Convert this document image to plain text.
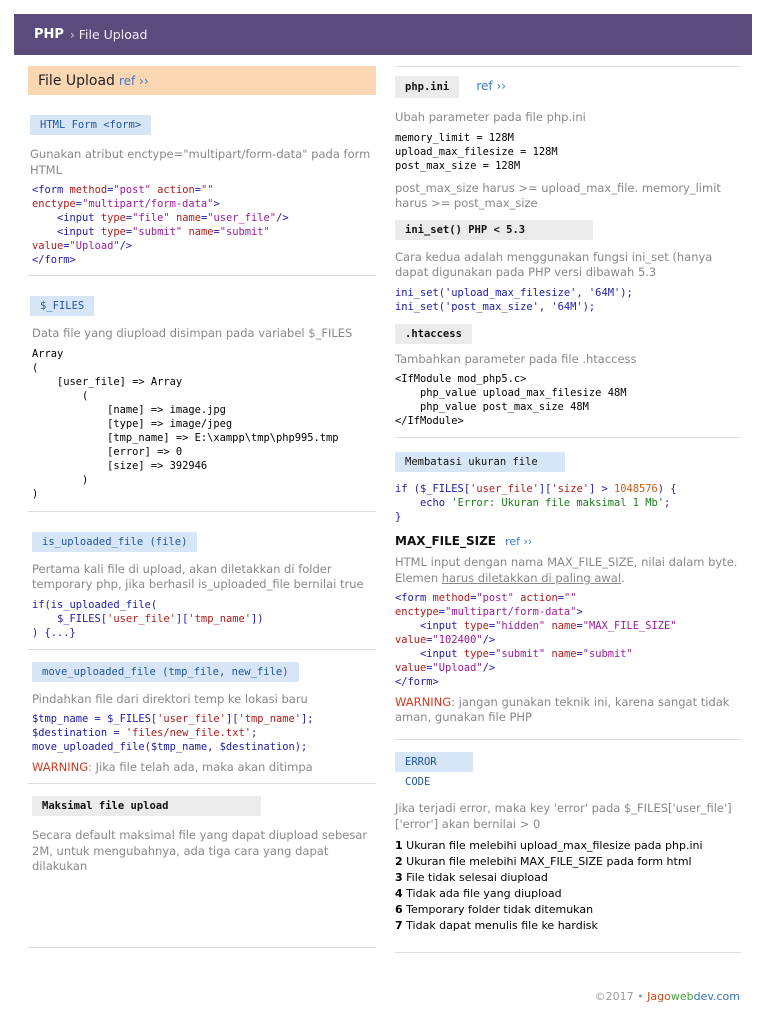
PHP › File Upload
File Upload ref ››
HTML Form <form>
Gunakan atribut enctype="multipart/form-data" pada form HTML
<form method="post" action=""
enctype="multipart/form-data">
<input type="file" name="user_file"/>
<input type="submit" name="submit"
value="Upload"/>
</form>
$_FILES
Data file yang diupload disimpan pada variabel $_FILES
Array
(
[user_file] => Array
(
[name] => image.jpg
[type] => image/jpeg
[tmp_name] => E:\xampp\tmp\php995.tmp
[error] => 0
[size] => 392946
)
)
is_uploaded_file (file)
Pertama kali file di upload, akan diletakkan di folder temporary php, jika berhasil is_uploaded_file bernilai true
if(is_uploaded_file(
$_FILES['user_file']['tmp_name'])
) {...}
move_uploaded_file (tmp_file, new_file)
Pindahkan file dari direktori temp ke lokasi baru
$tmp_name = $_FILES['user_file']['tmp_name'];
$destination = 'files/new_file.txt';
move_uploaded_file($tmp_name, $destination);
WARNING: Jika file telah ada, maka akan ditimpa
Maksimal file upload
Secara default maksimal file yang dapat diupload sebesar 2M, untuk mengubahnya, ada tiga cara yang dapat dilakukan
php.ini ref ››
Ubah parameter pada file php.ini
memory_limit = 128M
upload_max_filesize = 128M
post_max_size = 128M
post_max_size harus >= upload_max_file. memory_limit harus >= post_max_size
ini_set() PHP < 5.3
Cara kedua adalah menggunakan fungsi ini_set (hanya dapat digunakan pada PHP versi dibawah 5.3
ini_set('upload_max_filesize', '64M');
ini_set('post_max_size', '64M');
.htaccess
Tambahkan parameter pada file .htaccess
<IfModule mod_php5.c>
php_value upload_max_filesize 48M
php_value post_max_size 48M
</IfModule>
Membatasi ukuran file
if ($_FILES['user_file']['size'] > 1048576) {
echo 'Error: Ukuran file maksimal 1 Mb';
}
MAX_FILE_SIZE ref ››
HTML input dengan nama MAX_FILE_SIZE, nilai dalam byte. Elemen harus diletakkan di paling awal.
<form method="post" action=""
enctype="multipart/form-data">
<input type="hidden" name="MAX_FILE_SIZE"
value="102400"/>
<input type="submit" name="submit"
value="Upload"/>
</form>
WARNING: jangan gunakan teknik ini, karena sangat tidak aman, gunakan file PHP
ERROR CODE
Jika terjadi error, maka key 'error' pada $_FILES['user_file']['error'] akan bernilai > 0
1 Ukuran file melebihi upload_max_filesize pada php.ini
2 Ukuran file melebihi MAX_FILE_SIZE pada form html
3 File tidak selesai diupload
4 Tidak ada file yang diupload
6 Temporary folder tidak ditemukan
7 Tidak dapat menulis file ke hardisk
©2017 • Jagowebdev.com
